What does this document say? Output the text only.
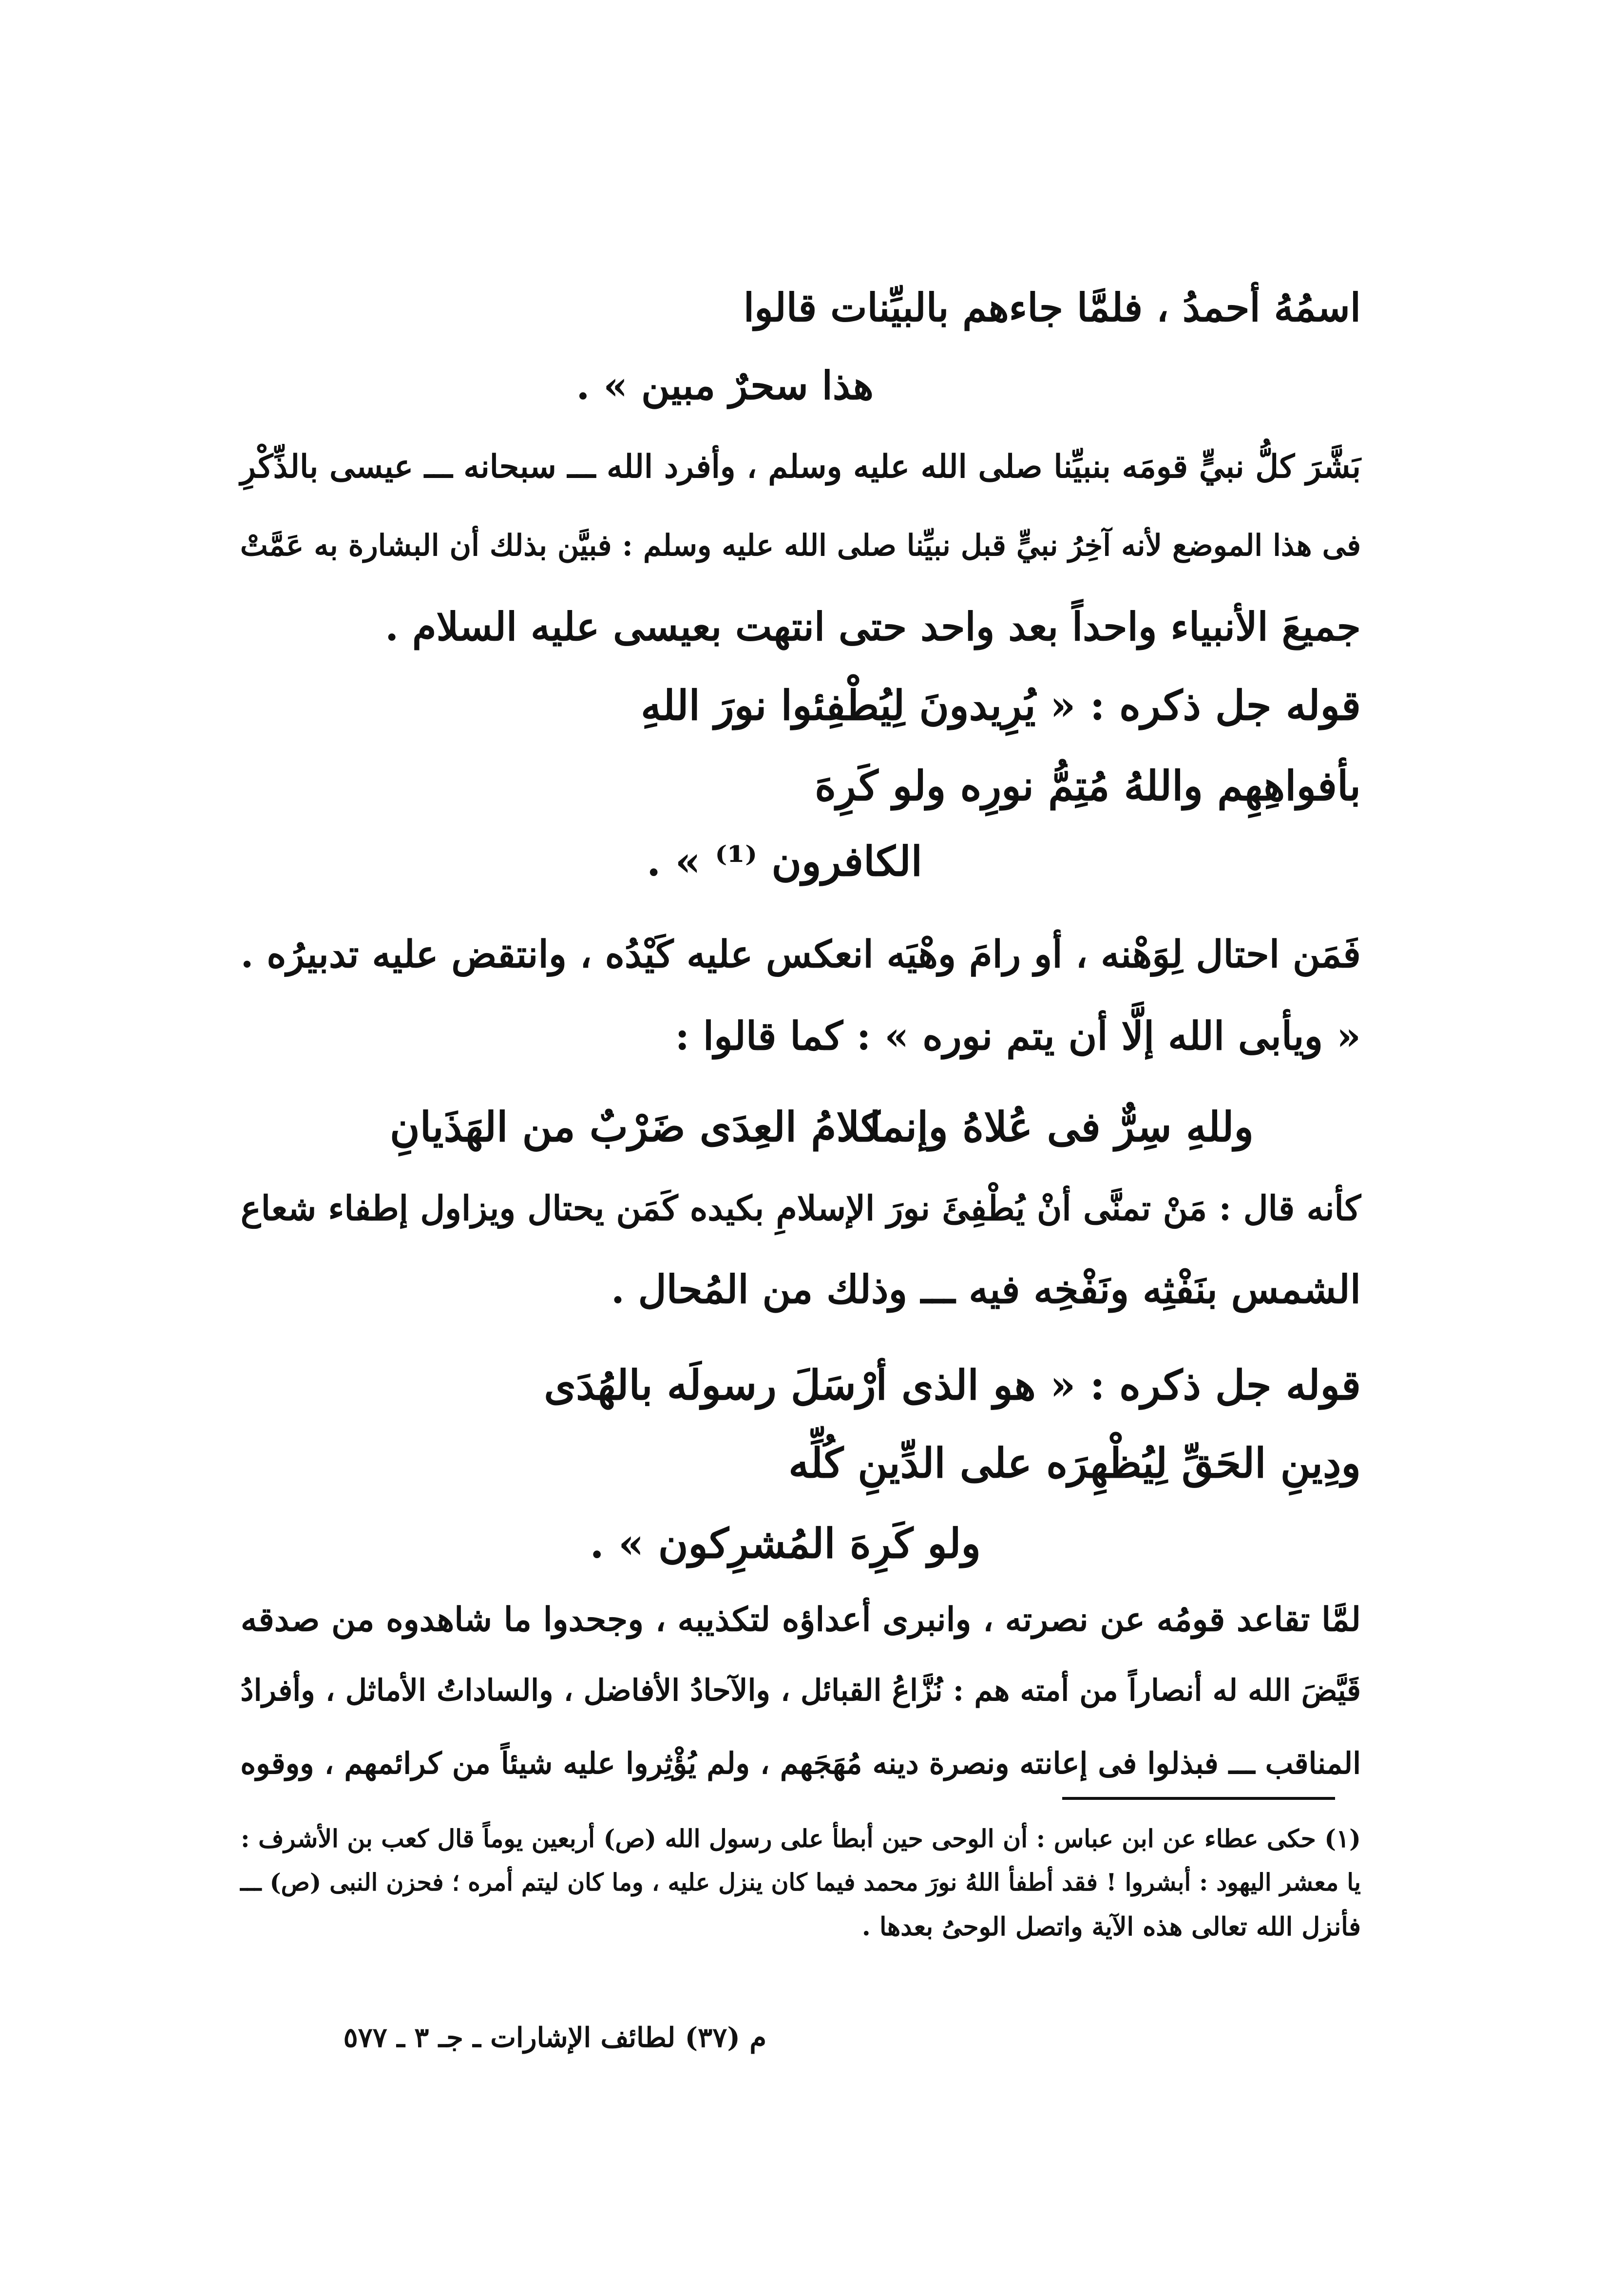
اسمُهُ أحمدُ ، فلمَّا جاءهم بالبيِّنات قالوا
هذا سحرٌ مبين » .
بَشَّرَ كلُّ نبيٍّ قومَه بنبيِّنا صلى الله عليه وسلم ، وأفرد الله ـــ سبحانه ـــ عيسى بالذِّكْرِ
فى هذا الموضع لأنه آخِرُ نبيٍّ قبل نبيِّنا صلى الله عليه وسلم : فبيَّن بذلك أن البشارة به عَمَّتْ
جميعَ الأنبياء واحداً بعد واحد حتى انتهت بعيسى عليه السلام .
قوله جل ذكره : « يُرِيدونَ لِيُطْفِئوا نورَ اللهِ
بأفواهِهِم واللهُ مُتِمُّ نورِه ولو كَرِهَ
الكافرون ⁽¹⁾ » .
فَمَن احتال لِوَهْنه ، أو رامَ وهْيَه انعكس عليه كَيْدُه ، وانتقض عليه تدبيرُه .
« ويأبى الله إلَّا أن يتم نوره » : كما قالوا :
وللهِ سِرٌّ فى عُلاهُ وإنما
كلامُ العِدَى ضَرْبٌ من الهَذَيانِ
كأنه قال : مَنْ تمنَّى أنْ يُطْفِئَ نورَ الإسلامِ بكيده كَمَن يحتال ويزاول إطفاء شعاع
الشمس بنَفْثِه ونَفْخِه فيه ـــ وذلك من المُحال .
قوله جل ذكره : « هو الذى أرْسَلَ رسولَه بالهُدَى
ودِينِ الحَقِّ لِيُظْهِرَه على الدِّينِ كُلِّه
ولو كَرِهَ المُشرِكون » .
لمَّا تقاعد قومُه عن نصرته ، وانبرى أعداؤه لتكذيبه ، وجحدوا ما شاهدوه من صدقه
قَيَّضَ الله له أنصاراً من أمته هم : نُزَّاعُ القبائل ، والآحادُ الأفاضل ، والساداتُ الأماثل ، وأفرادُ
المناقب ـــ فبذلوا فى إعانته ونصرة دينه مُهَجَهم ، ولم يُؤْثِروا عليه شيئاً من كرائمهم ، ووقوه
(١) حكى عطاء عن ابن عباس : أن الوحى حين أبطأ على رسول الله (ص) أربعين يوماً قال كعب بن الأشرف :
يا معشر اليهود : أبشروا ! فقد أطفأ اللهُ نورَ محمد فيما كان ينزل عليه ، وما كان ليتم أمره ؛ فحزن النبى (ص) ـــ
فأنزل الله تعالى هذه الآية واتصل الوحىُ بعدها .
م (٣٧) لطائف الإشارات ـ جـ ٣ ـ ٥٧٧
